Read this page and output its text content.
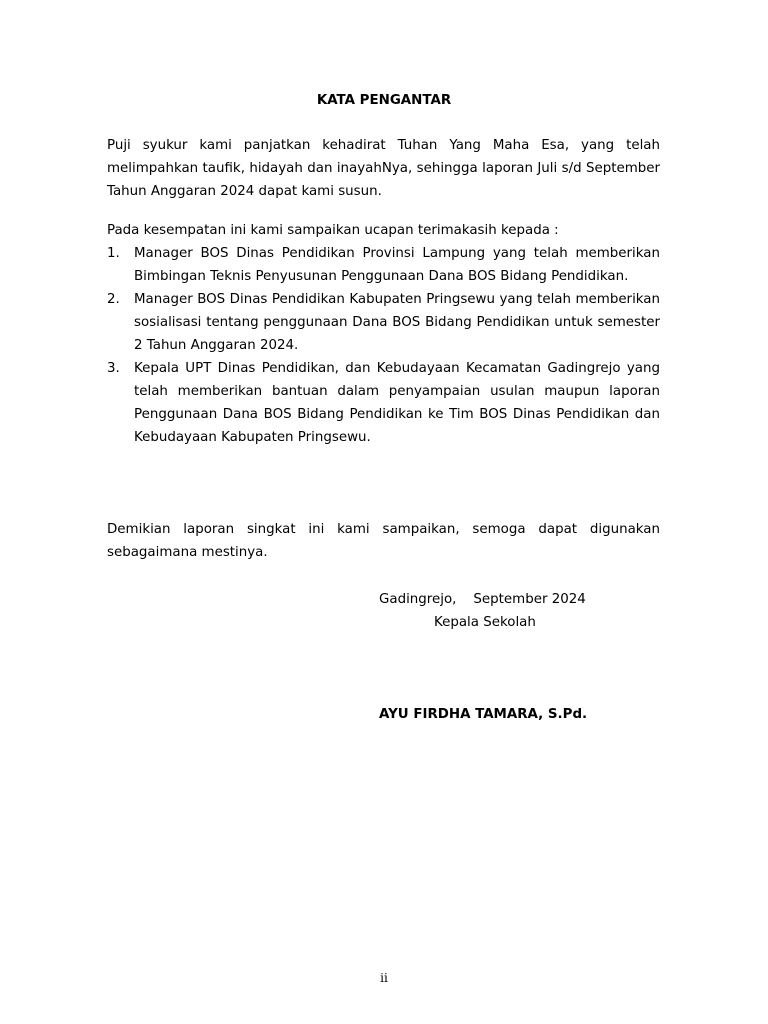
KATA PENGANTAR
Puji syukur kami panjatkan kehadirat Tuhan Yang Maha Esa, yang telah melimpahkan taufik, hidayah dan inayahNya, sehingga laporan Juli s/d September Tahun Anggaran 2024 dapat kami susun.
Pada kesempatan ini kami sampaikan ucapan terimakasih kepada :
1. Manager BOS Dinas Pendidikan Provinsi Lampung yang telah memberikan Bimbingan Teknis Penyusunan Penggunaan Dana BOS Bidang Pendidikan.
2. Manager BOS Dinas Pendidikan Kabupaten Pringsewu yang telah memberikan sosialisasi tentang penggunaan Dana BOS Bidang Pendidikan untuk semester 2 Tahun Anggaran 2024.
3. Kepala UPT Dinas Pendidikan, dan Kebudayaan Kecamatan Gadingrejo yang telah memberikan bantuan dalam penyampaian usulan maupun laporan Penggunaan Dana BOS Bidang Pendidikan ke Tim BOS Dinas Pendidikan dan Kebudayaan Kabupaten Pringsewu.
Demikian laporan singkat ini kami sampaikan, semoga dapat digunakan sebagaimana mestinya.
Gadingrejo,    September 2024
Kepala Sekolah
AYU FIRDHA TAMARA, S.Pd.
ii
